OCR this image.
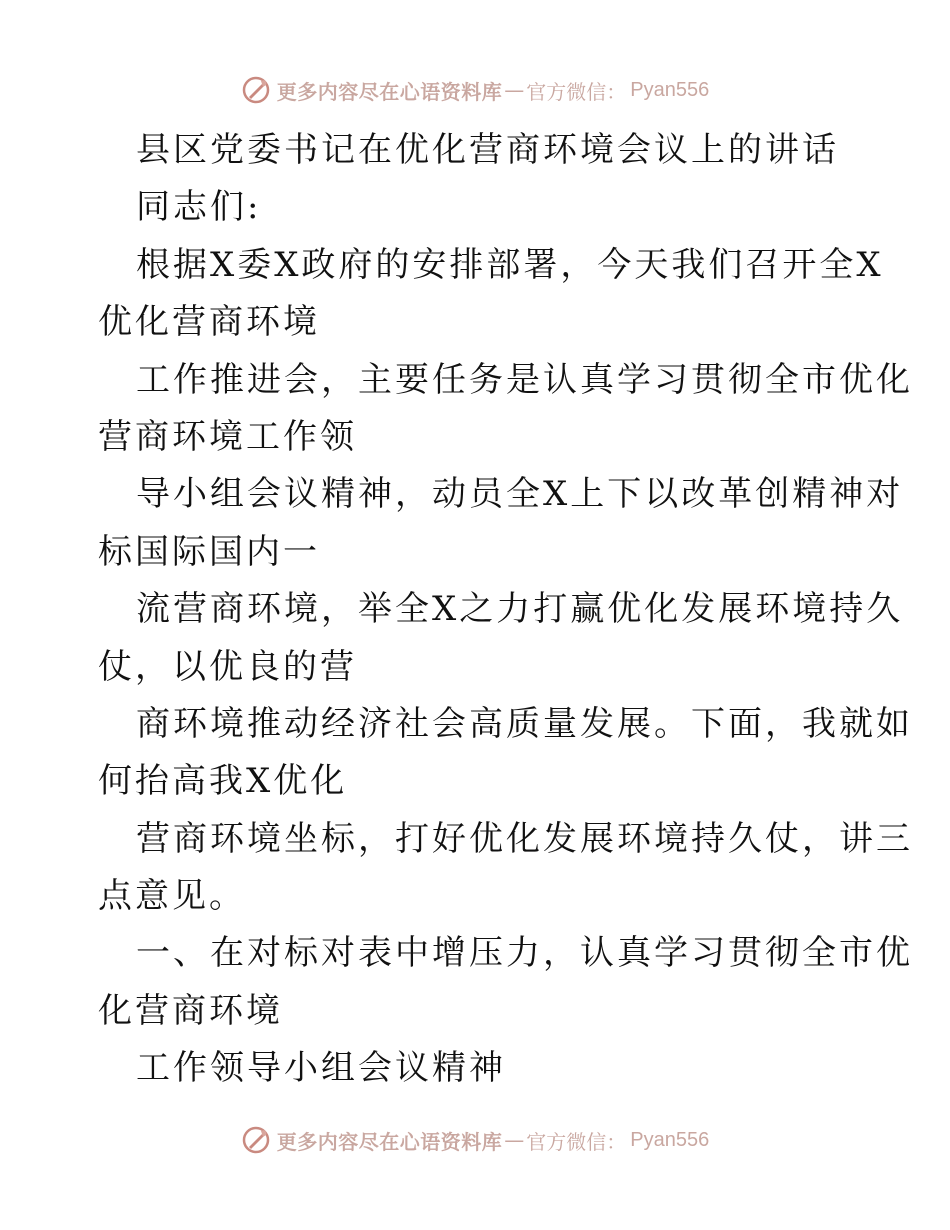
更多内容尽在心语资料库 — 官方微信： Pyan556
县区党委书记在优化营商环境会议上的讲话
同志们:
根据X委X政府的安排部署，今天我们召开全X
优化营商环境
工作推进会，主要任务是认真学习贯彻全市优化
营商环境工作领
导小组会议精神，动员全X上下以改革创精神对
标国际国内一
流营商环境，举全X之力打赢优化发展环境持久
仗，以优良的营
商环境推动经济社会高质量发展。下面，我就如
何抬高我X优化
营商环境坐标，打好优化发展环境持久仗，讲三
点意见。
一、在对标对表中增压力，认真学习贯彻全市优
化营商环境
工作领导小组会议精神
更多内容尽在心语资料库 — 官方微信： Pyan556
